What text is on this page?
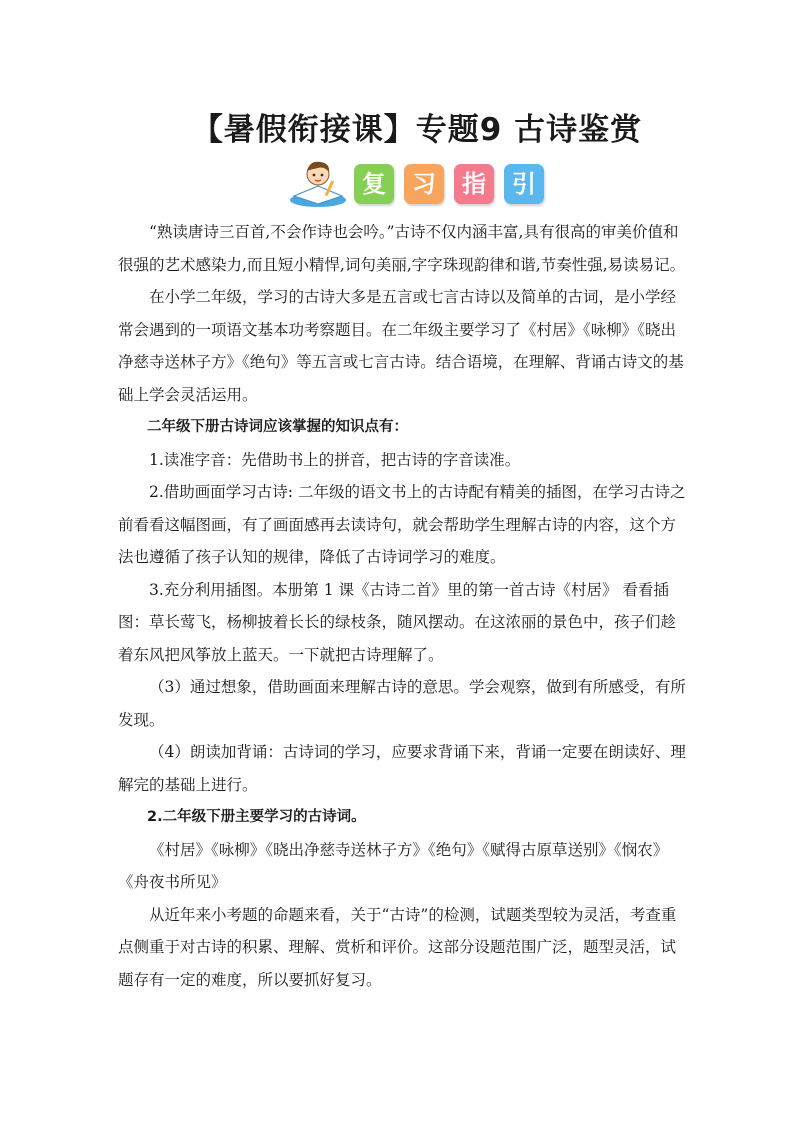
【暑假衔接课】专题9 古诗鉴赏
复	习	指	引

“熟读唐诗三百首,不会作诗也会吟。”古诗不仅内涵丰富,具有很高的审美价值和很强的艺术感染力,而且短小精悍,词句美丽,字字珠现韵律和谐,节奏性强,易读易记。

在小学二年级，学习的古诗大多是五言或七言古诗以及简单的古词，是小学经常会遇到的一项语文基本功考察题目。在二年级主要学习了《村居》《咏柳》《晓出净慈寺送林子方》《绝句》等五言或七言古诗。结合语境，在理解、背诵古诗文的基础上学会灵活运用。

二年级下册古诗词应该掌握的知识点有：

1.读准字音：先借助书上的拼音，把古诗的字音读准。

2.借助画面学习古诗: 二年级的语文书上的古诗配有精美的插图，在学习古诗之前看看这幅图画，有了画面感再去读诗句，就会帮助学生理解古诗的内容，这个方法也遵循了孩子认知的规律，降低了古诗词学习的难度。

3.充分利用插图。本册第 1 课《古诗二首》里的第一首古诗《村居》 看看插图：草长莺飞，杨柳披着长长的绿枝条，随风摆动。在这浓丽的景色中，孩子们趁着东风把风筝放上蓝天。一下就把古诗理解了。

（3）通过想象，借助画面来理解古诗的意思。学会观察，做到有所感受，有所发现。

（4）朗读加背诵：古诗词的学习，应要求背诵下来，背诵一定要在朗读好、理解完的基础上进行。

2.二年级下册主要学习的古诗词。

《村居》《咏柳》《晓出净慈寺送林子方》《绝句》《赋得古原草送别》《悯农》《舟夜书所见》

从近年来小考题的命题来看，关于“古诗”的检测，试题类型较为灵活，考查重点侧重于对古诗的积累、理解、赏析和评价。这部分设题范围广泛，题型灵活，试题存有一定的难度，所以要抓好复习。
